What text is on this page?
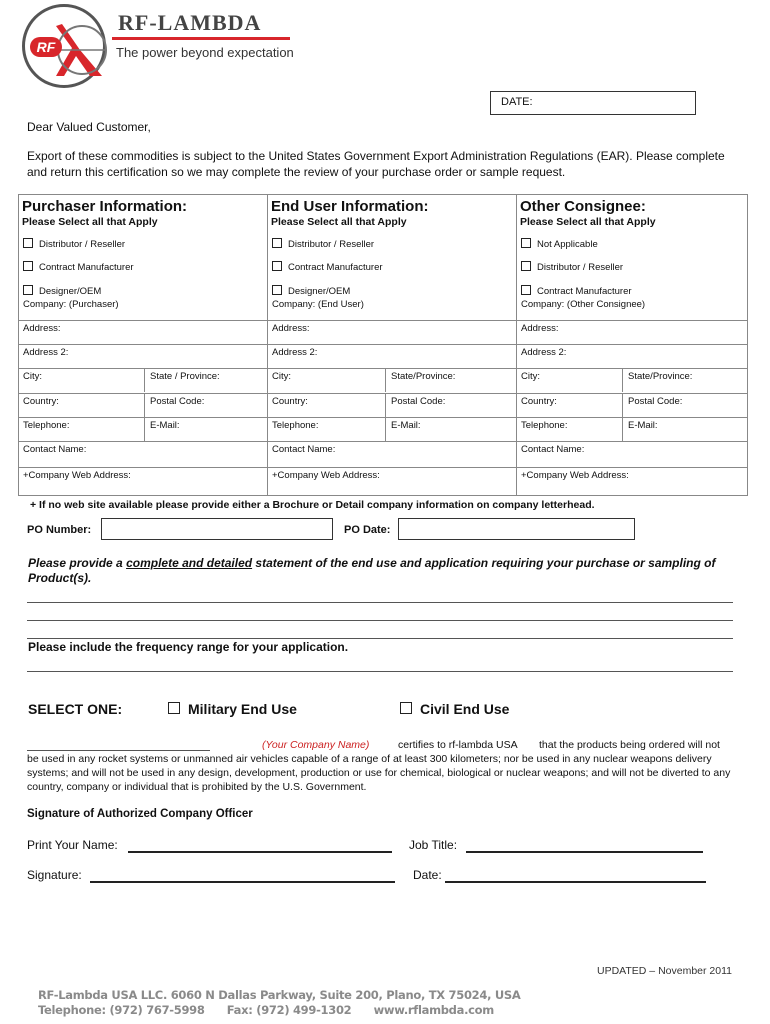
RF
RF-LAMBDA
The power beyond expectation
DATE:
Dear Valued Customer,
Export of these commodities is subject to the United States Government Export Administration Regulations (EAR). Please complete and return this certification so we may complete the review of your purchase order or sample request.
Purchaser Information:
Please Select all that Apply
Distributor / Reseller
Contract Manufacturer
Designer/OEM
Company: (Purchaser)
Address:
Address 2:
City:	State / Province:
Country:	Postal Code:
Telephone:	E-Mail:
Contact Name:
+Company Web Address:
End User Information:
Please Select all that Apply
Distributor / Reseller
Contract Manufacturer
Designer/OEM
Company: (End User)
Address:
Address 2:
City:	State/Province:
Country:	Postal Code:
Telephone:	E-Mail:
Contact Name:
+Company Web Address:
Other Consignee:
Please Select all that Apply
Not Applicable
Distributor / Reseller
Contract Manufacturer
Company: (Other Consignee)
Address:
Address 2:
City:	State/Province:
Country:	Postal Code:
Telephone:	E-Mail:
Contact Name:
+Company Web Address:
+ If no web site available please provide either a Brochure or Detail company information on company letterhead.
PO Number:	PO Date:
Please provide a complete and detailed statement of the end use and application requiring your purchase or sampling of Product(s).
Please include the frequency range for your application.
SELECT ONE:	Military End Use	Civil End Use
(Your Company Name)	certifies to rf-lambda USA that the products being ordered will not
be used in any rocket systems or unmanned air vehicles capable of a range of at least 300 kilometers; nor be used in any nuclear weapons delivery systems; and will not be used in any design, development, production or use for chemical, biological or nuclear weapons; and will not be diverted to any country, company or individual that is prohibited by the U.S. Government.
Signature of Authorized Company Officer
Print Your Name:	Job Title:
Signature:	Date:
UPDATED – November 2011
RF-Lambda USA LLC. 6060 N Dallas Parkway, Suite 200, Plano, TX 75024, USA
Telephone: (972) 767-5998      Fax: (972) 499-1302      www.rflambda.com
